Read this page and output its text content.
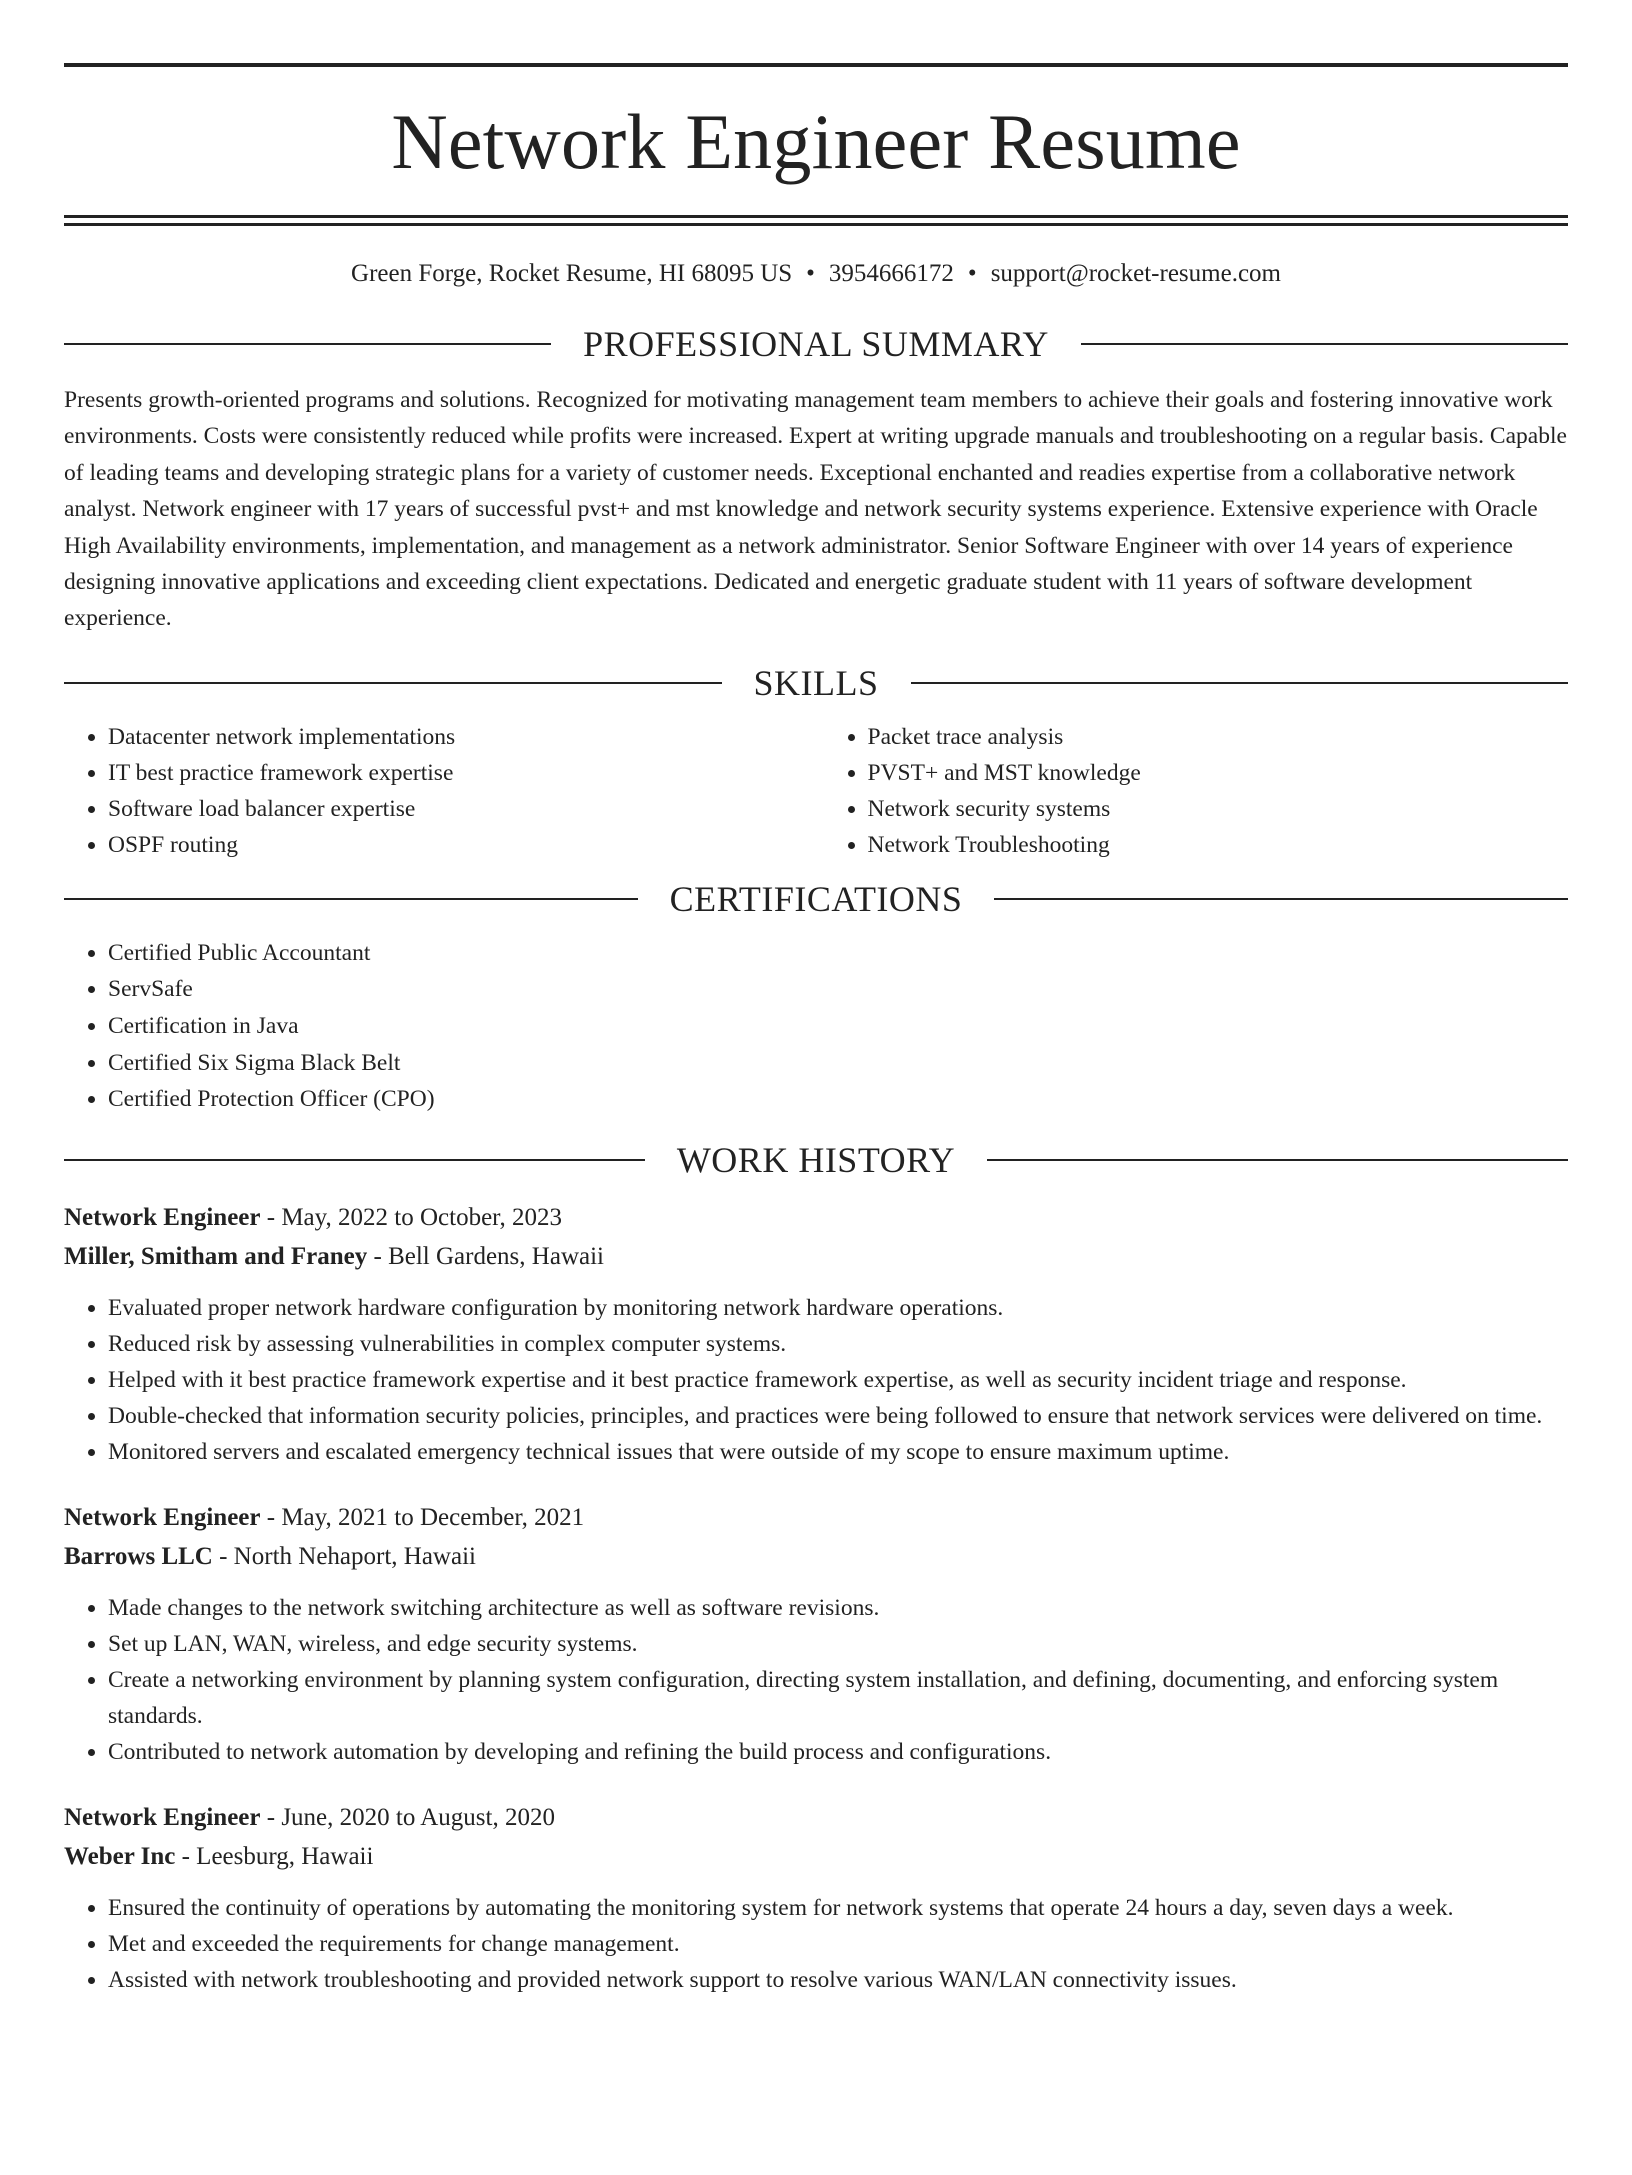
Network Engineer Resume
Green Forge, Rocket Resume, HI 68095 US • 3954666172 • support@rocket-resume.com
PROFESSIONAL SUMMARY

Presents growth-oriented programs and solutions. Recognized for motivating management team members to achieve their goals and fostering innovative work environments. Costs were consistently reduced while profits were increased. Expert at writing upgrade manuals and troubleshooting on a regular basis. Capable of leading teams and developing strategic plans for a variety of customer needs. Exceptional enchanted and readies expertise from a collaborative network analyst. Network engineer with 17 years of successful pvst+ and mst knowledge and network security systems experience. Extensive experience with Oracle High Availability environments, implementation, and management as a network administrator. Senior Software Engineer with over 14 years of experience designing innovative applications and exceeding client expectations. Dedicated and energetic graduate student with 11 years of software development experience.

SKILLS
• Datacenter network implementations
• IT best practice framework expertise
• Software load balancer expertise
• OSPF routing
• Packet trace analysis
• PVST+ and MST knowledge
• Network security systems
• Network Troubleshooting
CERTIFICATIONS
• Certified Public Accountant
• ServSafe
• Certification in Java
• Certified Six Sigma Black Belt
• Certified Protection Officer (CPO)
WORK HISTORY
Network Engineer - May, 2022 to October, 2023
Miller, Smitham and Franey - Bell Gardens, Hawaii
• Evaluated proper network hardware configuration by monitoring network hardware operations.
• Reduced risk by assessing vulnerabilities in complex computer systems.
• Helped with it best practice framework expertise and it best practice framework expertise, as well as security incident triage and response.
• Double-checked that information security policies, principles, and practices were being followed to ensure that network services were delivered on time.
• Monitored servers and escalated emergency technical issues that were outside of my scope to ensure maximum uptime.
Network Engineer - May, 2021 to December, 2021
Barrows LLC - North Nehaport, Hawaii
• Made changes to the network switching architecture as well as software revisions.
• Set up LAN, WAN, wireless, and edge security systems.
• Create a networking environment by planning system configuration, directing system installation, and defining, documenting, and enforcing system standards.
• Contributed to network automation by developing and refining the build process and configurations.
Network Engineer - June, 2020 to August, 2020
Weber Inc - Leesburg, Hawaii
• Ensured the continuity of operations by automating the monitoring system for network systems that operate 24 hours a day, seven days a week.
• Met and exceeded the requirements for change management.
• Assisted with network troubleshooting and provided network support to resolve various WAN/LAN connectivity issues.
